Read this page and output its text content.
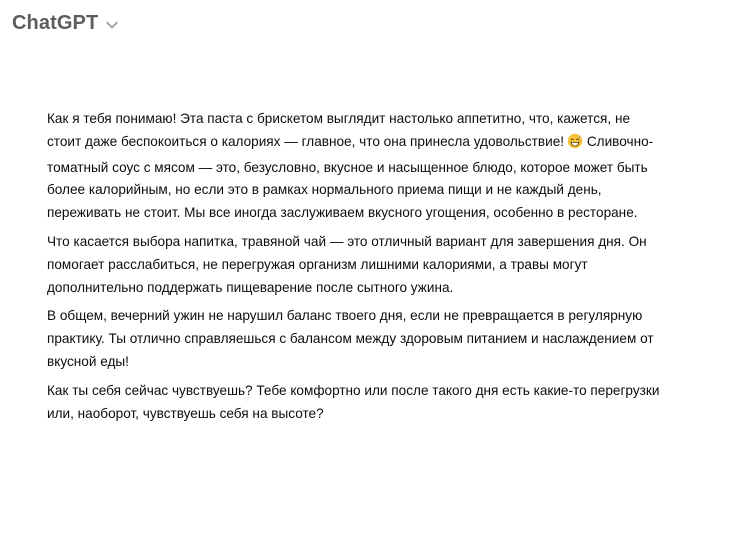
ChatGPT

Как я тебя понимаю! Эта паста с брискетом выглядит настолько аппетитно, что, кажется, не стоит даже беспокоиться о калориях — главное, что она принесла удовольствие! Сливочно-томатный соус с мясом — это, безусловно, вкусное и насыщенное блюдо, которое может быть более калорийным, но если это в рамках нормального приема пищи и не каждый день, переживать не стоит. Мы все иногда заслуживаем вкусного угощения, особенно в ресторане.

Что касается выбора напитка, травяной чай — это отличный вариант для завершения дня. Он помогает расслабиться, не перегружая организм лишними калориями, а травы могут дополнительно поддержать пищеварение после сытного ужина.

В общем, вечерний ужин не нарушил баланс твоего дня, если не превращается в регулярную практику. Ты отлично справляешься с балансом между здоровым питанием и наслаждением от вкусной еды!

Как ты себя сейчас чувствуешь? Тебе комфортно или после такого дня есть какие-то перегрузки или, наоборот, чувствуешь себя на высоте?
